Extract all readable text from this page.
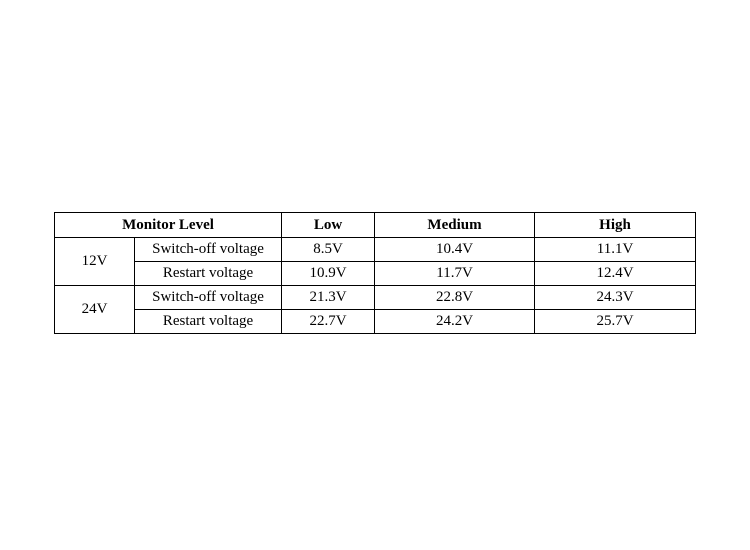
Monitor Level		Low	Medium	High
12V	Switch-off voltage	8.5V	10.4V	11.1V
	Restart voltage	10.9V	11.7V	12.4V
24V	Switch-off voltage	21.3V	22.8V	24.3V
	Restart voltage	22.7V	24.2V	25.7V
